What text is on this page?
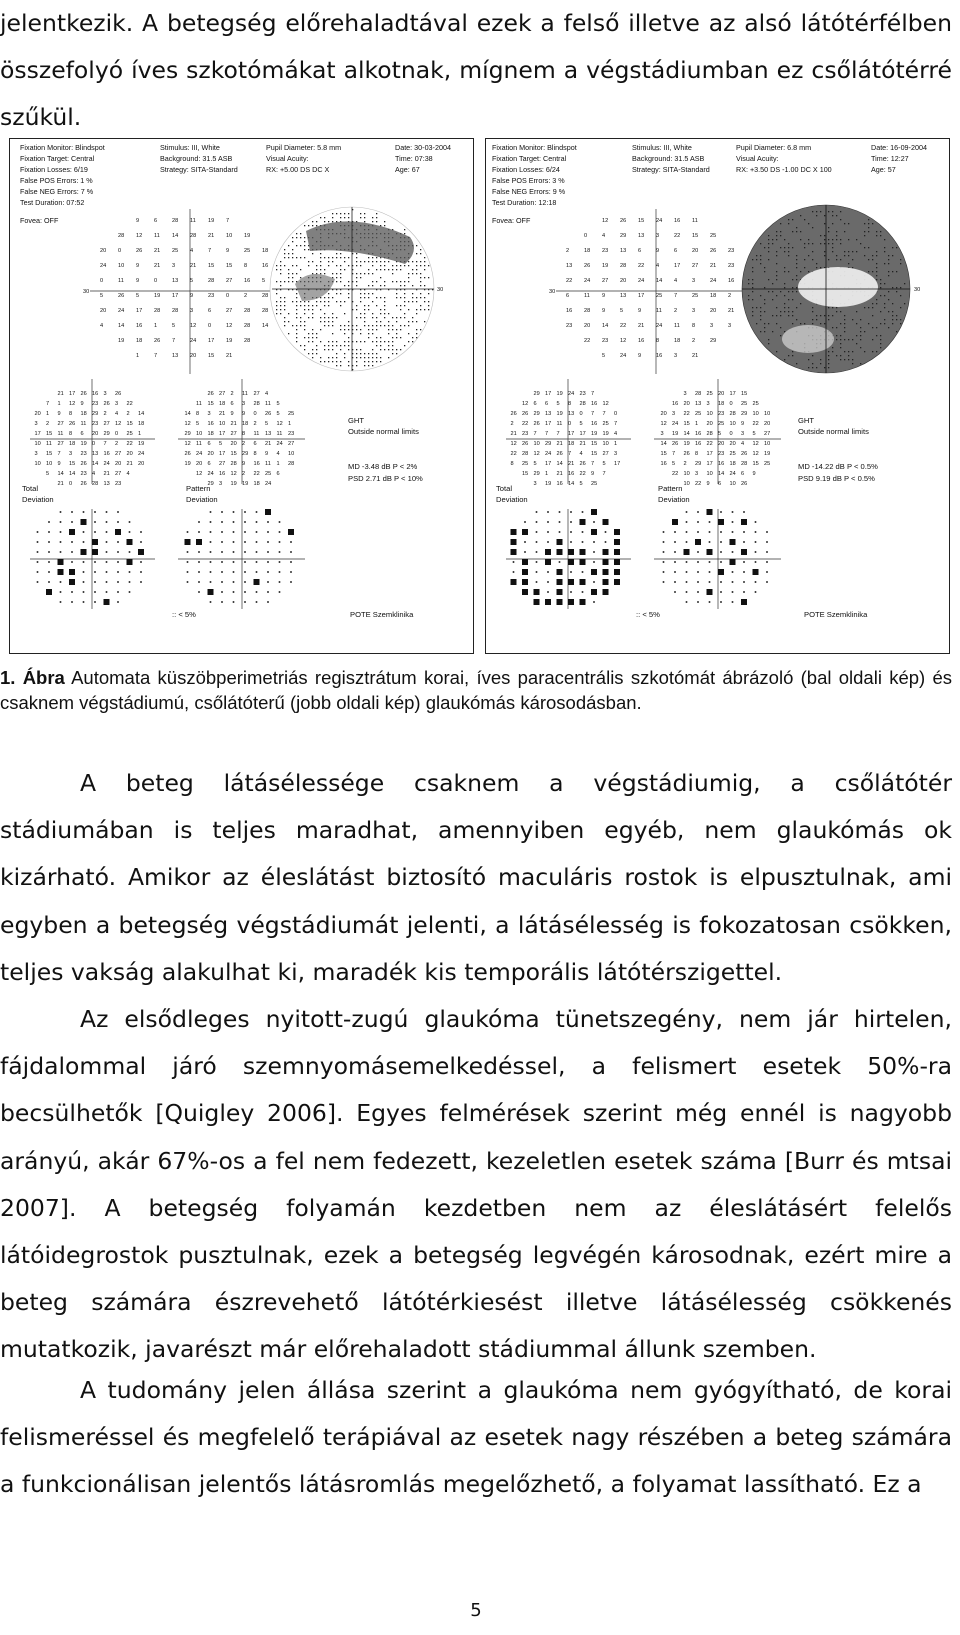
jelentkezik. A betegség előrehaladtával ezek a felső illetve az alsó látótérfélben összefolyó íves szkotómákat alkotnak, mígnem a végstádiumban ez csőlátótérré szűkül.

Fixation Monitor: Blindspot
Fixation Target: Central
Fixation Losses: 6/19
False POS Errors: 1 %
False NEG Errors: 7 %
Test Duration: 07:52
Fovea: OFF
Stimulus: III, White
Background: 31.5 ASB
Strategy: SITA-Standard
Pupil Diameter: 5.8 mm
Visual Acuity:
RX: +5.00 DS DC X
Date: 30-03-2004
Time: 07:38
Age: 67
30
9	6	28 11 19 7
28 12 11 14 28 21 10 19
20 0	26 21 25 4	7	9	25 18
24 10 9	21 3	21 15 15 8	16
0	11 9	0	13 5	28 27 16 5
5	26 5	19 17 9	23 0	2	28
20 24 17 28 28 3	6	27 28 28
4	14 16 1	5	12 0	12 28 14
19 18 26 7	24 17 19 28
1	7	13 20 15 21
30
21 17 26 16 3 26
7 1 12 9 23 26 3 22
20 1 9 8 18 29 2 4 2 14
3 2 27 26 11 23 27 12 15 18
17 15 11 8 6 20 29 0 25 1
10 11 27 18 19 0 7 2 22 19
3 15 7 3 23 13 16 27 20 24
10 10 9 15 26 14 24 20 21 20
5 14 14 23 4 21 27 4
21 0 26 28 13 23
26 27 2 11 27 4
11 15 18 6 3 28 11 5
14 8 3 21 9 9 0 26 5 25
12 5 16 10 21 18 2 5 12 1
29 10 18 17 27 8 11 13 11 23
12 11 6 5 20 2 6 21 24 27
26 24 20 17 15 29 8 9 4 10
19 20 6 27 28 9 16 11 1 28
12 24 16 12 2 22 25 6
29 3 19 19 18 24
Total
Deviation
Pattern
Deviation
GHT
Outside normal limits
MD -3.48 dB P < 2%
PSD 2.71 dB P < 10%
:: < 5%	POTE Szemklinika
Fixation Monitor: Blindspot
Fixation Target: Central
Fixation Losses: 6/24
False POS Errors: 3 %
False NEG Errors: 9 %
Test Duration: 12:18
Fovea: OFF
Stimulus: III, White
Background: 31.5 ASB
Strategy: SITA-Standard
Pupil Diameter: 6.8 mm
Visual Acuity:
RX: +3.50 DS -1.00 DC X 100
Date: 16-09-2004
Time: 12:27
Age: 57
30
12 26 15 24 16 11
0	4	29 13 3	22 15 25
2	18 23 13 6	9	6	20 26 23
13 26 19 28 22 4	17 27 21 23
22 24 27 20 24 14 4	3	24 16
6	11 9	13 17 25 7	25 18 2
16 28 9	5	9	11 2	3	20 21
23 20 14 22 21 24 11 8	3	3
22 23 12 16 8	18 2	29
5	24 9	16 3	21
30
29 17 19 24 23 7
12 6 6 5 8 28 16 12
26 26 29 13 19 13 0 7 7 0
2 22 26 17 11 0 5 16 25 7
21 23 7 7 7 17 17 19 19 4
12 26 10 29 21 18 21 15 10 1
22 28 12 24 26 7 4 15 27 3
8 25 5 17 14 21 26 7 5 17
15 29 1 21 16 22 9 7
3 19 16 14 5 25
3 28 25 20 17 15
16 20 13 3 18 0 25 25
20 3 22 25 10 23 28 29 10 10
12 24 15 1 20 25 10 9 22 20
3 19 14 16 28 5 0 3 5 27
14 26 19 16 22 20 20 4 12 10
15 7 26 8 17 23 25 26 12 19
16 5 2 29 17 16 18 28 15 25
22 10 3 10 14 24 6 9
10 22 9 6 10 26
Total
Deviation
Pattern
Deviation
GHT
Outside normal limits
MD -14.22 dB P < 0.5%
PSD 9.19 dB P < 0.5%
:: < 5%	POTE Szemklinika

1. Ábra Automata küszöbperimetriás regisztrátum korai, íves paracentrális szkotómát ábrázoló (bal oldali kép) és csaknem végstádiumú, csőlátóterű (jobb oldali kép) glaukómás károsodásban.

A beteg látásélessége csaknem a végstádiumig, a csőlátótér stádiumában is teljes maradhat, amennyiben egyéb, nem glaukómás ok kizárható. Amikor az éleslátást biztosító maculáris rostok is elpusztulnak, ami egyben a betegség végstádiumát jelenti, a látásélesség is fokozatosan csökken, teljes vakság alakulhat ki, maradék kis temporális látótérszigettel.

Az elsődleges nyitott-zugú glaukóma tünetszegény, nem jár hirtelen, fájdalommal járó szemnyomásemelkedéssel, a felismert esetek 50%-ra becsülhetők [Quigley 2006]. Egyes felmérések szerint még ennél is nagyobb arányú, akár 67%-os a fel nem fedezett, kezeletlen esetek száma [Burr és mtsai 2007]. A betegség folyamán kezdetben nem az éleslátásért felelős látóidegrostok pusztulnak, ezek a betegség legvégén károsodnak, ezért mire a beteg számára észrevehető látótérkiesést illetve látásélesség csökkenés mutatkozik, javarészt már előrehaladott stádiummal állunk szemben.

A tudomány jelen állása szerint a glaukóma nem gyógyítható, de korai felismeréssel és megfelelő terápiával az esetek nagy részében a beteg számára a funkcionálisan jelentős látásromlás megelőzhető, a folyamat lassítható. Ez a

5
